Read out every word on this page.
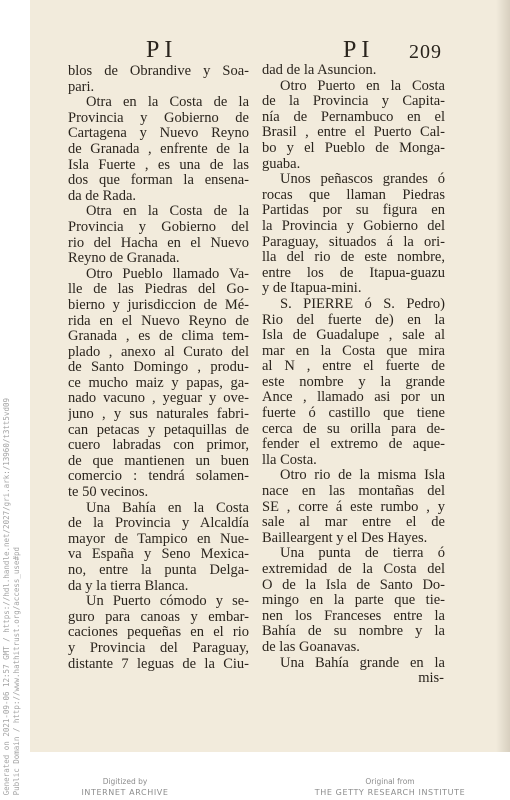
Generated on 2021-09-06 12:57 GMT / https://hdl.handle.net/2027/gri.ark:/13960/t3tt5vd09 Public Domain / http://www.hathitrust.org/access_use#pd
PI	PI 209
blos de Obrandive y Soa-
pari.
Otra en la Costa de la
Provincia y Gobierno de
Cartagena y Nuevo Reyno
de Granada , enfrente de la
Isla Fuerte , es una de las
dos que forman la ensena-
da de Rada.
Otra en la Costa de la
Provincia y Gobierno del
rio del Hacha en el Nuevo
Reyno de Granada.
Otro Pueblo llamado Va-
lle de las Piedras del Go-
bierno y jurisdiccion de Mé-
rida en el Nuevo Reyno de
Granada , es de clima tem-
plado , anexo al Curato del
de Santo Domingo , produ-
ce mucho maiz y papas, ga-
nado vacuno , yeguar y ove-
juno , y sus naturales fabri-
can petacas y petaquillas de
cuero labradas con primor,
de que mantienen un buen
comercio : tendrá solamen-
te 50 vecinos.
Una Bahía en la Costa
de la Provincia y Alcaldía
mayor de Tampico en Nue-
va España y Seno Mexica-
no, entre la punta Delga-
da y la tierra Blanca.
Un Puerto cómodo y se-
guro para canoas y embar-
caciones pequeñas en el rio
y Provincia del Paraguay,
distante 7 leguas de la Ciu-
dad de la Asuncion.
Otro Puerto en la Costa
de la Provincia y Capita-
nía de Pernambuco en el
Brasil , entre el Puerto Cal-
bo y el Pueblo de Monga-
guaba.
Unos peñascos grandes ó
rocas que llaman Piedras
Partidas por su figura en
la Provincia y Gobierno del
Paraguay, situados á la ori-
lla del rio de este nombre,
entre los de Itapua-guazu
y de Itapua-mini.
S. PIERRE ó S. Pedro)
Rio del fuerte de) en la
Isla de Guadalupe , sale al
mar en la Costa que mira
al N , entre el fuerte de
este nombre y la grande
Ance , llamado asi por un
fuerte ó castillo que tiene
cerca de su orilla para de-
fender el extremo de aque-
lla Costa.
Otro rio de la misma Isla
nace en las montañas del
SE , corre á este rumbo , y
sale al mar entre el de
Bailleargent y el Des Hayes.
Una punta de tierra ó
extremidad de la Costa del
O de la Isla de Santo Do-
mingo en la parte que tie-
nen los Franceses entre la
Bahía de su nombre y la
de las Goanavas.
Una Bahía grande en la
mis-
Digitized by
INTERNET ARCHIVE
Original from
THE GETTY RESEARCH INSTITUTE
